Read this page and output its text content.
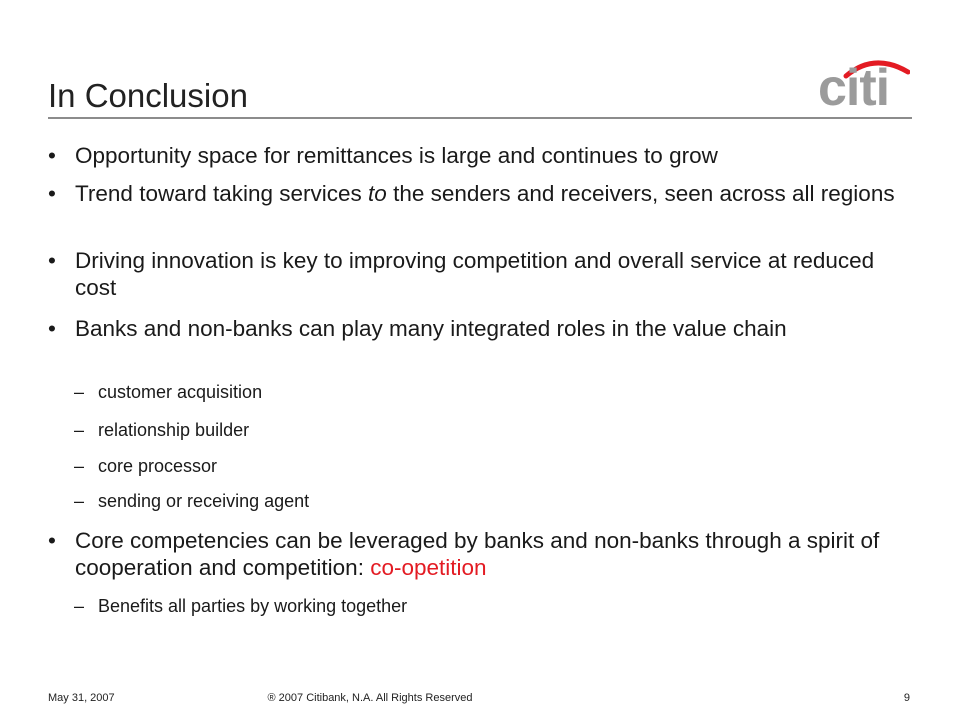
In Conclusion	citi
• Opportunity space for remittances is large and continues to grow
• Trend toward taking services to the senders and receivers, seen across all regions
• Driving innovation is key to improving competition and overall service at reduced cost
• Banks and non-banks can play many integrated roles in the value chain
– customer acquisition
– relationship builder
– core processor
– sending or receiving agent
• Core competencies can be leveraged by banks and non-banks through a spirit of cooperation and competition: co-opetition
– Benefits all parties by working together
May 31, 2007	® 2007 Citibank, N.A. All Rights Reserved	9
